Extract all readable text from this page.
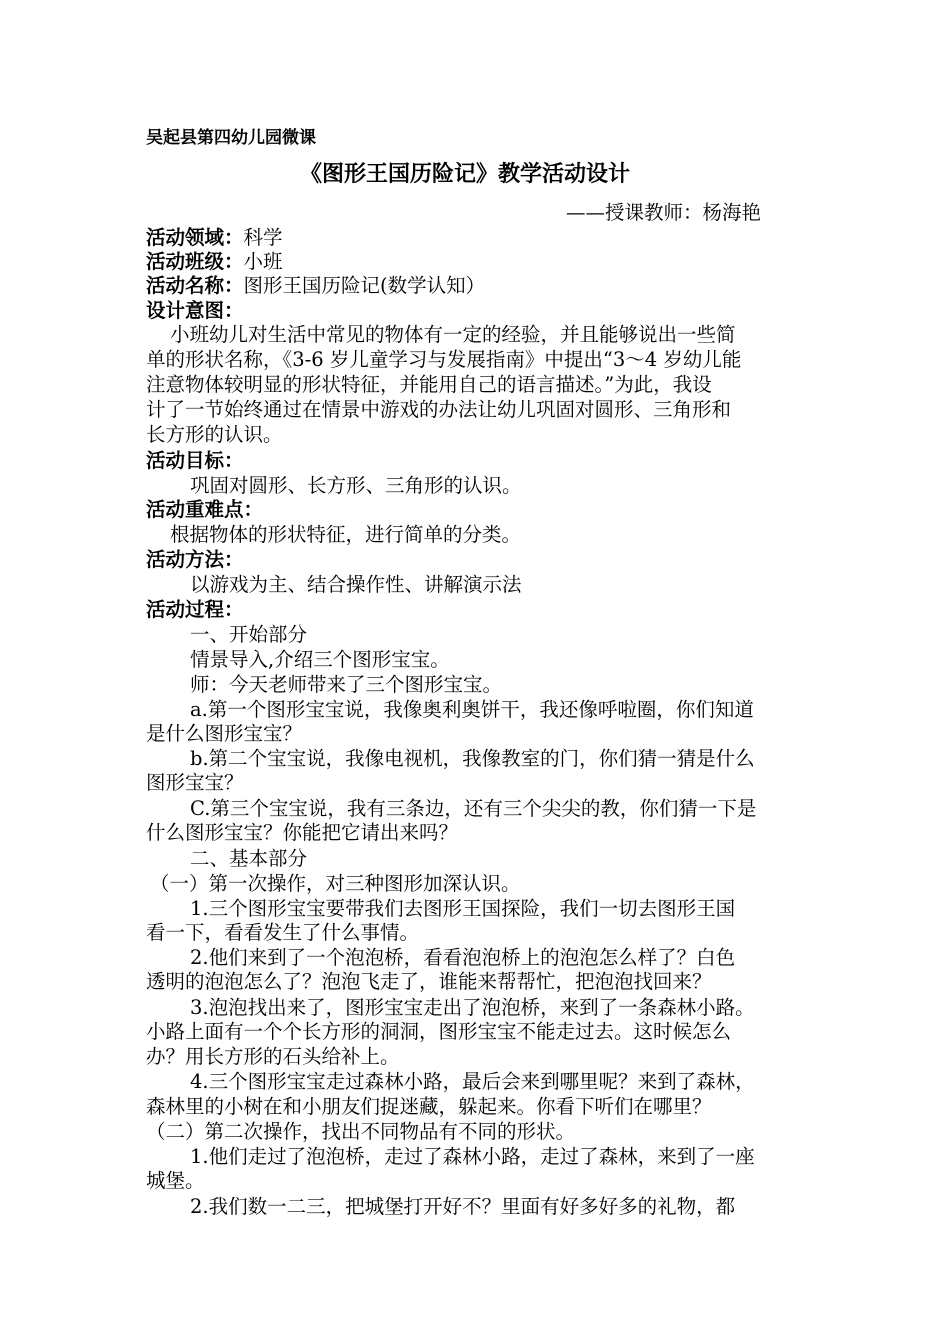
吴起县第四幼儿园微课
《图形王国历险记》教学活动设计
——授课教师：杨海艳
活动领域：科学
活动班级：小班
活动名称：图形王国历险记(数学认知）
设计意图：
小班幼儿对生活中常见的物体有一定的经验，并且能够说出一些简
单的形状名称，《3-6 岁儿童学习与发展指南》中提出“3～4 岁幼儿能
注意物体较明显的形状特征，并能用自己的语言描述。”为此，我设
计了一节始终通过在情景中游戏的办法让幼儿巩固对圆形、三角形和
长方形的认识。
活动目标：
巩固对圆形、长方形、三角形的认识。
活动重难点：
根据物体的形状特征，进行简单的分类。
活动方法：
以游戏为主、结合操作性、讲解演示法
活动过程：
一、开始部分
情景导入,介绍三个图形宝宝。
师：今天老师带来了三个图形宝宝。
a.第一个图形宝宝说，我像奥利奥饼干，我还像呼啦圈，你们知道
是什么图形宝宝？
b.第二个宝宝说，我像电视机，我像教室的门，你们猜一猜是什么
图形宝宝？
C.第三个宝宝说，我有三条边，还有三个尖尖的教，你们猜一下是
什么图形宝宝？你能把它请出来吗？
二、基本部分
（一）第一次操作，对三种图形加深认识。
1.三个图形宝宝要带我们去图形王国探险，我们一切去图形王国
看一下，看看发生了什么事情。
2.他们来到了一个泡泡桥，看看泡泡桥上的泡泡怎么样了？白色
透明的泡泡怎么了？泡泡飞走了，谁能来帮帮忙，把泡泡找回来？
3.泡泡找出来了，图形宝宝走出了泡泡桥，来到了一条森林小路。
小路上面有一个个长方形的洞洞，图形宝宝不能走过去。这时候怎么
办？用长方形的石头给补上。
4.三个图形宝宝走过森林小路，最后会来到哪里呢？来到了森林，
森林里的小树在和小朋友们捉迷藏，躲起来。你看下听们在哪里？
（二）第二次操作，找出不同物品有不同的形状。
1.他们走过了泡泡桥，走过了森林小路，走过了森林，来到了一座
城堡。
2.我们数一二三，把城堡打开好不？里面有好多好多的礼物，都
